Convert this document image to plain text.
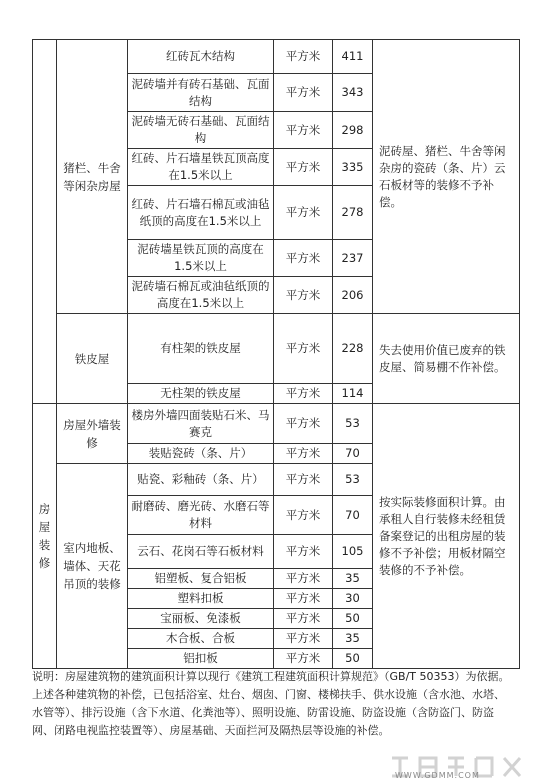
	猪栏、牛舍等闲杂房屋	红砖瓦木结构	平方米	411	泥砖屋、猪栏、牛舍等闲杂房的瓷砖（条、片）云石板材等的装修不予补偿。
		泥砖墙并有砖石基础、瓦面结构	平方米	343	
		泥砖墙无砖石基础、瓦面结构	平方米	298	
		红砖、片石墙星铁瓦顶高度在1.5米以上	平方米	335	
		红砖、片石墙石棉瓦或油毡纸顶的高度在1.5米以上	平方米	278	
		泥砖墙星铁瓦顶的高度在1.5米以上	平方米	237	
		泥砖墙石棉瓦或油毡纸顶的高度在1.5米以上	平方米	206	
	铁皮屋	有柱架的铁皮屋	平方米	228	失去使用价值已废弃的铁皮屋、简易棚不作补偿。
		无柱架的铁皮屋	平方米	114	
房屋装修	房屋外墙装修	楼房外墙四面装贴石米、马赛克	平方米	53	按实际装修面积计算。由承租人自行装修未经租赁备案登记的出租房屋的装修不予补偿；用板材隔空装修的不予补偿。
		装贴瓷砖（条、片）	平方米	70	
	室内地板、墙体、天花吊顶的装修	贴瓷、彩釉砖（条、片）	平方米	53	
		耐磨砖、磨光砖、水磨石等材料	平方米	70	
		云石、花岗石等石板材料	平方米	105	
		铝塑板、复合铝板	平方米	35	
		塑料扣板	平方米	30	
		宝丽板、免漆板	平方米	50	
		木合板、合板	平方米	35	
		铝扣板	平方米	50	
说明：房屋建筑物的建筑面积计算以现行《建筑工程建筑面积计算规范》（GB/T 50353）为依据。上述各种建筑物的补偿，已包括浴室、灶台、烟囱、门窗、楼梯扶手、供水设施（含水池、水塔、水管等）、排污设施（含下水道、化粪池等）、照明设施、防雷设施、防盗设施（含防盗门、防盗网、闭路电视监控装置等）、房屋基础、天面拦河及隔热层等设施的补偿。
WWW.GDMM.COM
